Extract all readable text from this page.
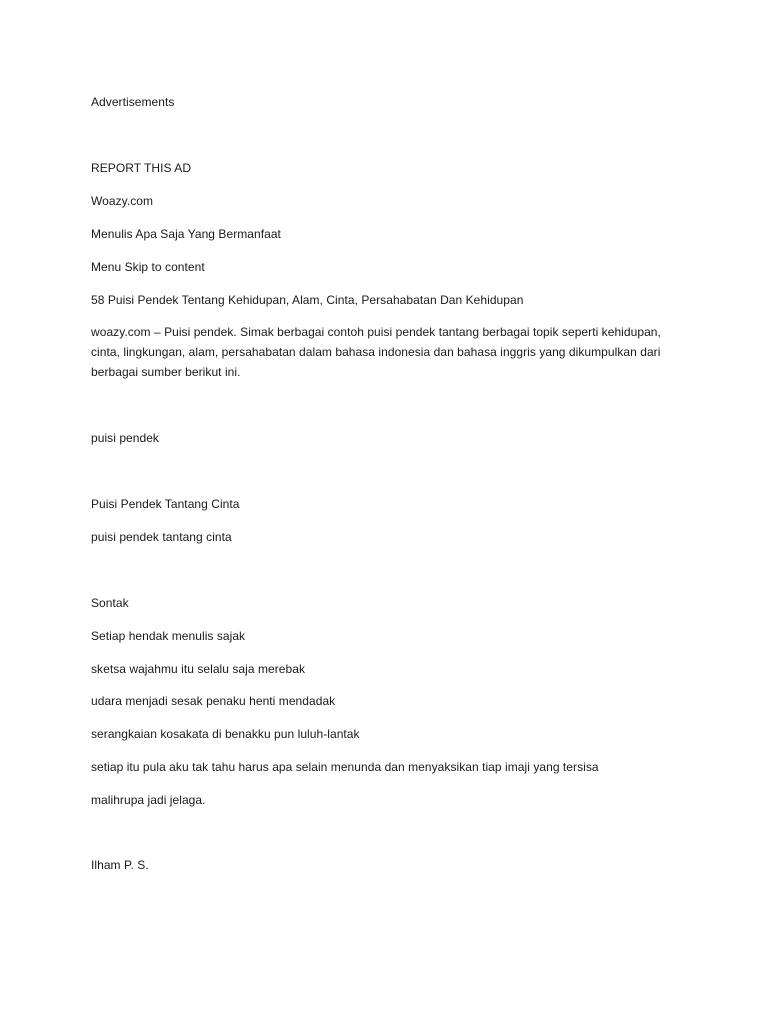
Advertisements
REPORT THIS AD
Woazy.com
Menulis Apa Saja Yang Bermanfaat
Menu Skip to content
58 Puisi Pendek Tentang Kehidupan, Alam, Cinta, Persahabatan Dan Kehidupan
woazy.com – Puisi pendek. Simak berbagai contoh puisi pendek tantang berbagai topik seperti kehidupan, cinta, lingkungan, alam, persahabatan dalam bahasa indonesia dan bahasa inggris yang dikumpulkan dari berbagai sumber berikut ini.
puisi pendek
Puisi Pendek Tantang Cinta
puisi pendek tantang cinta
Sontak
Setiap hendak menulis sajak
sketsa wajahmu itu selalu saja merebak
udara menjadi sesak penaku henti mendadak
serangkaian kosakata di benakku pun luluh-lantak
setiap itu pula aku tak tahu harus apa selain menunda dan menyaksikan tiap imaji yang tersisa
malihrupa jadi jelaga.
Ilham P. S.
